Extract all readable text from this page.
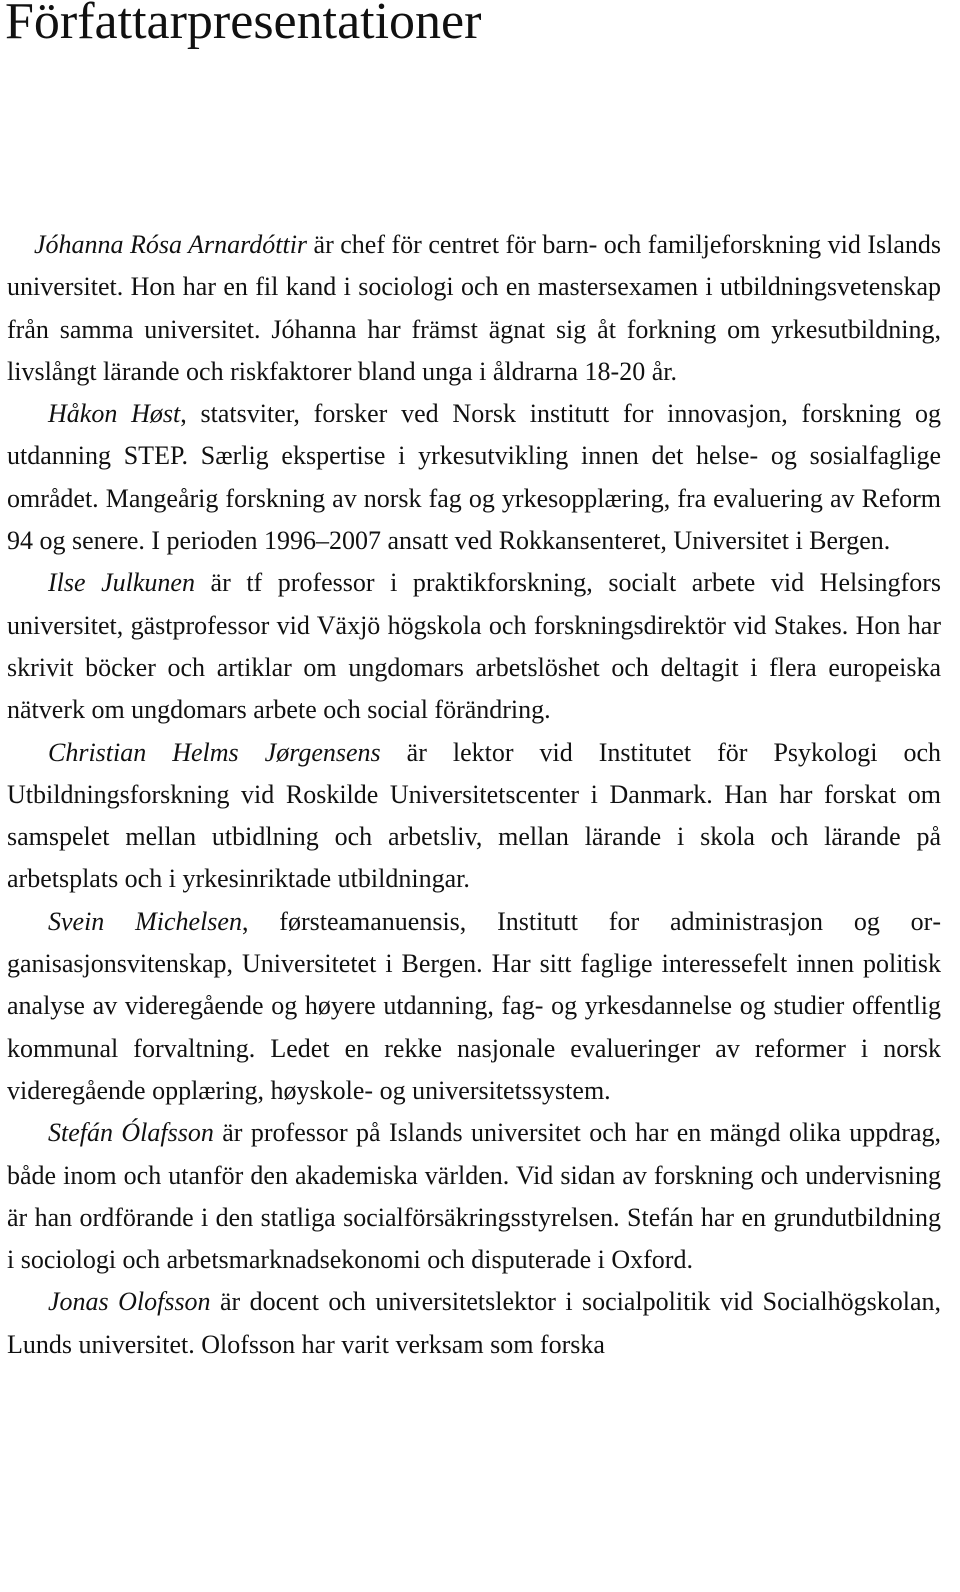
Författarpresentationer

Jóhanna Rósa Arnardóttir är chef för centret för barn- och familjeforskning vid Islands universitet. Hon har en fil kand i sociologi och en mastersexamen i utbildningsvetenskap från samma universitet. Jóhanna har främst ägnat sig åt forkning om yrkesutbildning, livslångt lärande och riskfaktorer bland unga i åldrarna 18-20 år.

Håkon Høst, statsviter, forsker ved Norsk institutt for innovasjon, forskning og utdanning STEP. Særlig ekspertise i yrkesutvikling innen det helse- og sosialfaglige området. Mangeårig forskning av norsk fag og yrkesopplæring, fra evaluering av Reform 94 og senere. I perioden 1996–2007 ansatt ved Rokkansenteret, Universitet i Bergen.

Ilse Julkunen är tf professor i praktikforskning, socialt arbete vid Helsingfors universitet, gästprofessor vid Växjö högskola och forskningsdirektör vid Stakes. Hon har skrivit böcker och artiklar om ungdomars arbetslöshet och deltagit i flera europeiska nätverk om ungdomars arbete och social förändring.

Christian Helms Jørgensens är lektor vid Institutet för Psykologi och Utbildningsforskning vid Roskilde Universitetscenter i Danmark. Han har forskat om samspelet mellan utbidlning och arbetsliv, mellan lärande i skola och lärande på arbetsplats och i yrkesinriktade utbildningar.

Svein Michelsen, førsteamanuensis, Institutt for administrasjon og organisasjonsvitenskap, Universitetet i Bergen. Har sitt faglige interessefelt innen politisk analyse av videregående og høyere utdanning, fag- og yrkesdannelse og studier offentlig kommunal forvaltning. Ledet en rekke nasjonale evalueringer av reformer i norsk videregående opplæring, høyskole- og universitetssystem.

Stefán Ólafsson är professor på Islands universitet och har en mängd olika uppdrag, både inom och utanför den akademiska världen. Vid sidan av forskning och undervisning är han ordförande i den statliga socialförsäkringsstyrelsen. Stefán har en grundutbildning i sociologi och arbetsmarknadsekonomi och disputerade i Oxford.

Jonas Olofsson är docent och universitetslektor i socialpolitik vid Socialhögskolan, Lunds universitet. Olofsson har varit verksam som forska
